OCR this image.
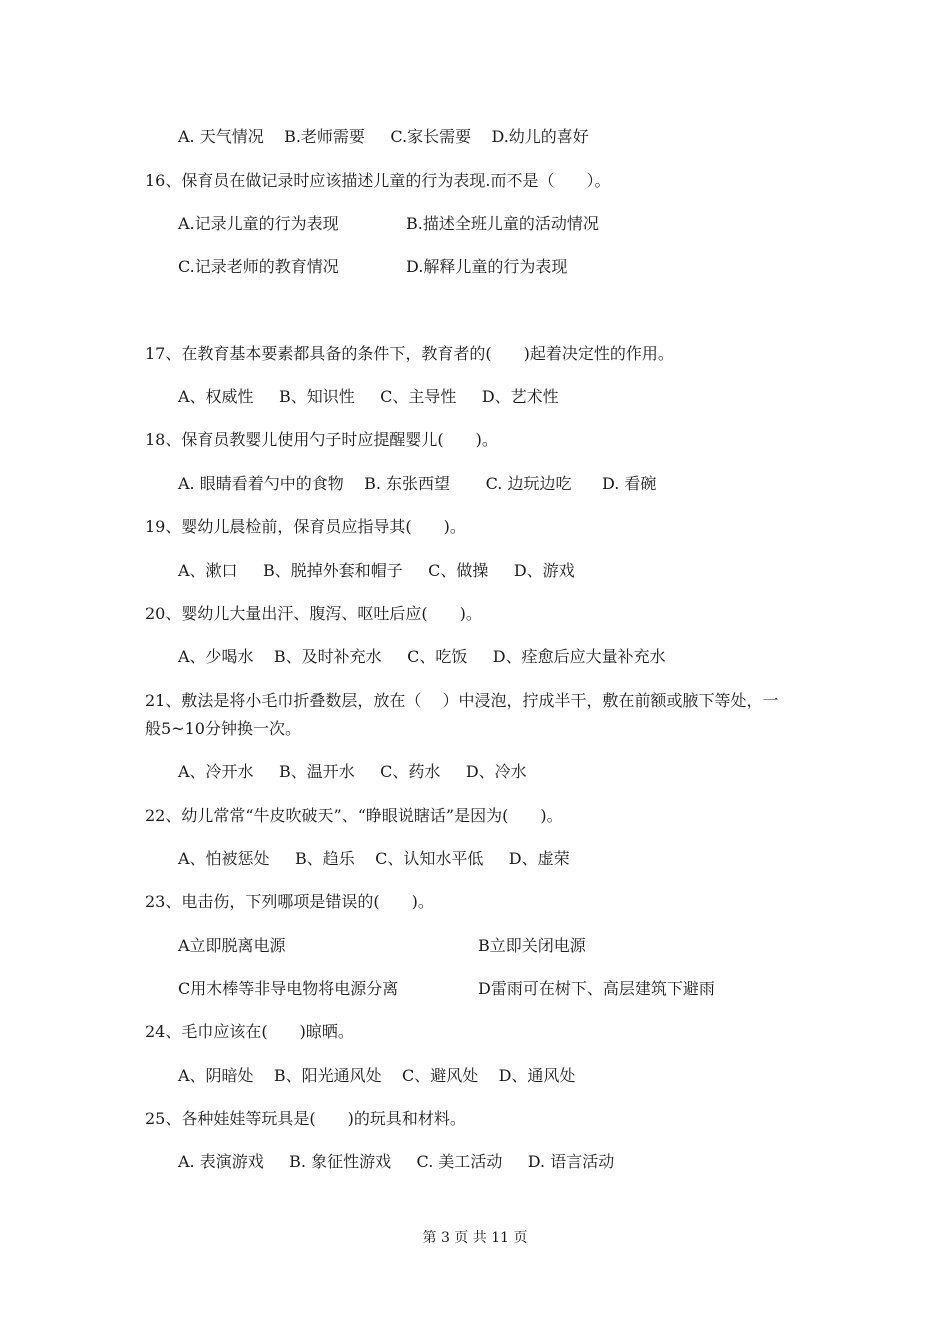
A. 天气情况    B.老师需要     C.家长需要    D.幼儿的喜好
16、保育员在做记录时应该描述儿童的行为表现.而不是（　　）。
A.记录儿童的行为表现	B.描述全班儿童的活动情况
C.记录老师的教育情况	D.解释儿童的行为表现
17、在教育基本要素都具备的条件下，教育者的(　　)起着决定性的作用。
A、权威性     B、知识性     C、主导性     D、艺术性
18、保育员教婴儿使用勺子时应提醒婴儿(　　)。
A. 眼睛看着勺中的食物    B. 东张西望       C. 边玩边吃      D. 看碗
19、婴幼儿晨检前，保育员应指导其(　　)。
A、漱口     B、脱掉外套和帽子     C、做操     D、游戏
20、婴幼儿大量出汗、腹泻、呕吐后应(　　)。
A、少喝水    B、及时补充水     C、吃饭     D、痊愈后应大量补充水
21、敷法是将小毛巾折叠数层，放在（　 ）中浸泡，拧成半干，敷在前额或腋下等处，一
般5~10分钟换一次。
A、冷开水     B、温开水     C、药水     D、冷水
22、幼儿常常“牛皮吹破天”、“睁眼说瞎话”是因为(　　)。
A、怕被惩处     B、趋乐    C、认知水平低     D、虚荣
23、电击伤，下列哪项是错误的(　　)。
A立即脱离电源	B立即关闭电源
C用木棒等非导电物将电源分离	D雷雨可在树下、高层建筑下避雨
24、毛巾应该在(　　)晾晒。
A、阴暗处    B、阳光通风处    C、避风处    D、通风处
25、各种娃娃等玩具是(　　)的玩具和材料。
A. 表演游戏     B. 象征性游戏     C. 美工活动     D. 语言活动
第 3 页 共 11 页
